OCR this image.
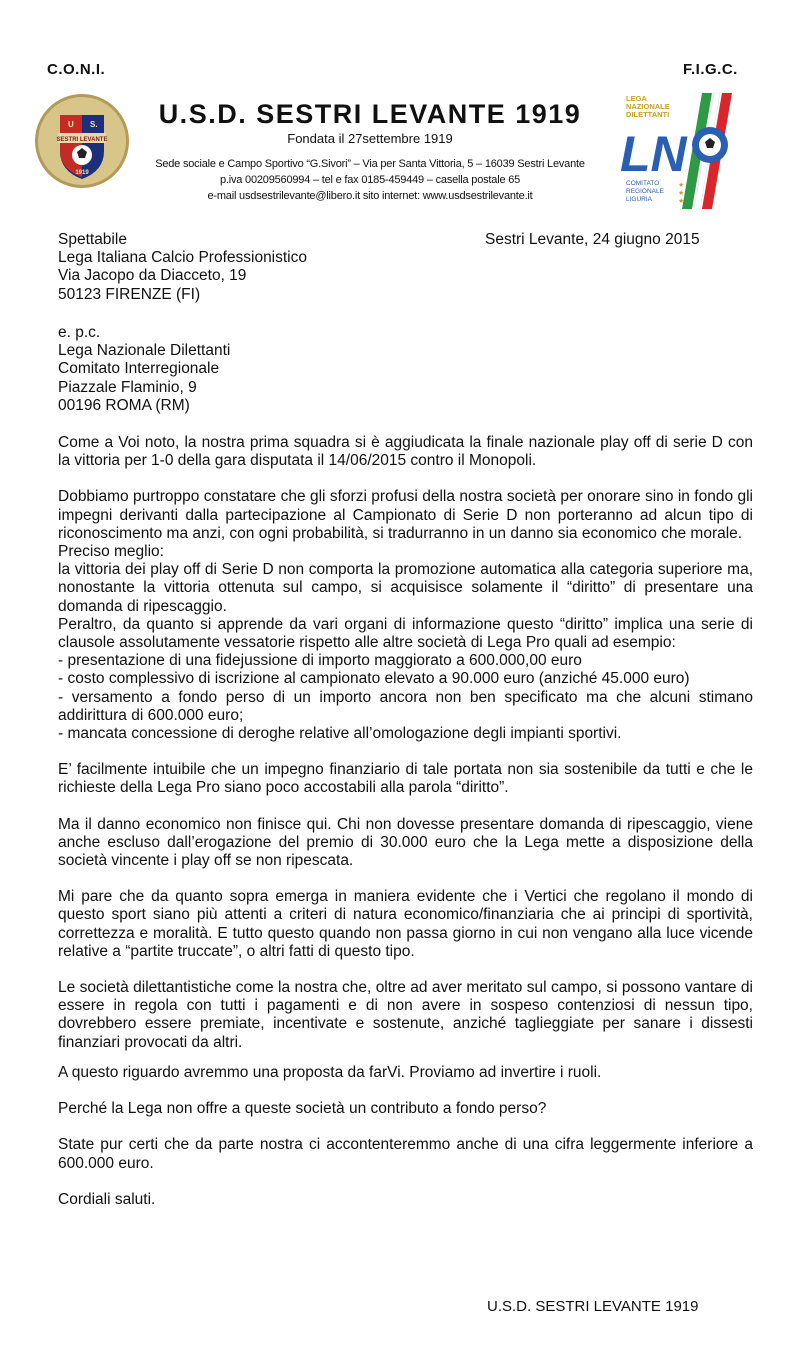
C.O.N.I.	F.I.G.C.
U S.
SESTRI LEVANTE
1919
U.S.D. SESTRI LEVANTE 1919
Fondata il 27settembre 1919
Sede sociale e Campo Sportivo “G.Sivori” – Via per Santa Vittoria, 5 – 16039 Sestri Levante
p.iva 00209560994 – tel e fax 0185-459449 – casella postale 65
e-mail usdsestrilevante@libero.it sito internet: www.usdsestrilevante.it
LEGA
NAZIONALE
DILETTANTI
LN
COMITATO
REGIONALE
LIGURIA
★
★
★
Spettabile
Lega Italiana Calcio Professionistico
Via Jacopo da Diacceto, 19
50123 FIRENZE (FI)
Sestri Levante, 24 giugno 2015
e. p.c.
Lega Nazionale Dilettanti
Comitato Interregionale
Piazzale Flaminio, 9
00196 ROMA (RM)

Come a Voi noto, la nostra prima squadra si è aggiudicata la finale nazionale play off di serie D con la vittoria per 1-0 della gara disputata il 14/06/2015 contro il Monopoli.

Dobbiamo purtroppo constatare che gli sforzi profusi della nostra società per onorare sino in fondo gli impegni derivanti dalla partecipazione al Campionato di Serie D non porteranno ad alcun tipo di riconoscimento ma anzi, con ogni probabilità, si tradurranno in un danno sia economico che morale.

Preciso meglio:

la vittoria dei play off di Serie D non comporta la promozione automatica alla categoria superiore ma, nonostante la vittoria ottenuta sul campo, si acquisisce solamente il “diritto” di presentare una domanda di ripescaggio.

Peraltro, da quanto si apprende da vari organi di informazione questo “diritto” implica una serie di clausole assolutamente vessatorie rispetto alle altre società di Lega Pro quali ad esempio:

- presentazione di una fidejussione di importo maggiorato a 600.000,00 euro

- costo complessivo di iscrizione al campionato elevato a 90.000 euro (anziché 45.000 euro)

- versamento a fondo perso di un importo ancora non ben specificato ma che alcuni stimano addirittura di 600.000 euro;

- mancata concessione di deroghe relative all’omologazione degli impianti sportivi.

E’ facilmente intuibile che un impegno finanziario di tale portata non sia sostenibile da tutti e che le richieste della Lega Pro siano poco accostabili alla parola “diritto”.

Ma il danno economico non finisce qui. Chi non dovesse presentare domanda di ripescaggio, viene anche escluso dall’erogazione del premio di 30.000 euro che la Lega mette a disposizione della società vincente i play off se non ripescata.

Mi pare che da quanto sopra emerga in maniera evidente che i Vertici che regolano il mondo di questo sport siano più attenti a criteri di natura economico/finanziaria che ai principi di sportività, correttezza e moralità. E tutto questo quando non passa giorno in cui non vengano alla luce vicende relative a “partite truccate”, o altri fatti di questo tipo.

Le società dilettantistiche come la nostra che, oltre ad aver meritato sul campo, si possono vantare di essere in regola con tutti i pagamenti e di non avere in sospeso contenziosi di nessun tipo, dovrebbero essere premiate, incentivate e sostenute, anziché taglieggiate per sanare i dissesti finanziari provocati da altri.

A questo riguardo avremmo una proposta da farVi. Proviamo ad invertire i ruoli.

Perché la Lega non offre a queste società un contributo a fondo perso?

State pur certi che da parte nostra ci accontenteremmo anche di una cifra leggermente inferiore a 600.000 euro.

Cordiali saluti.

U.S.D. SESTRI LEVANTE 1919
